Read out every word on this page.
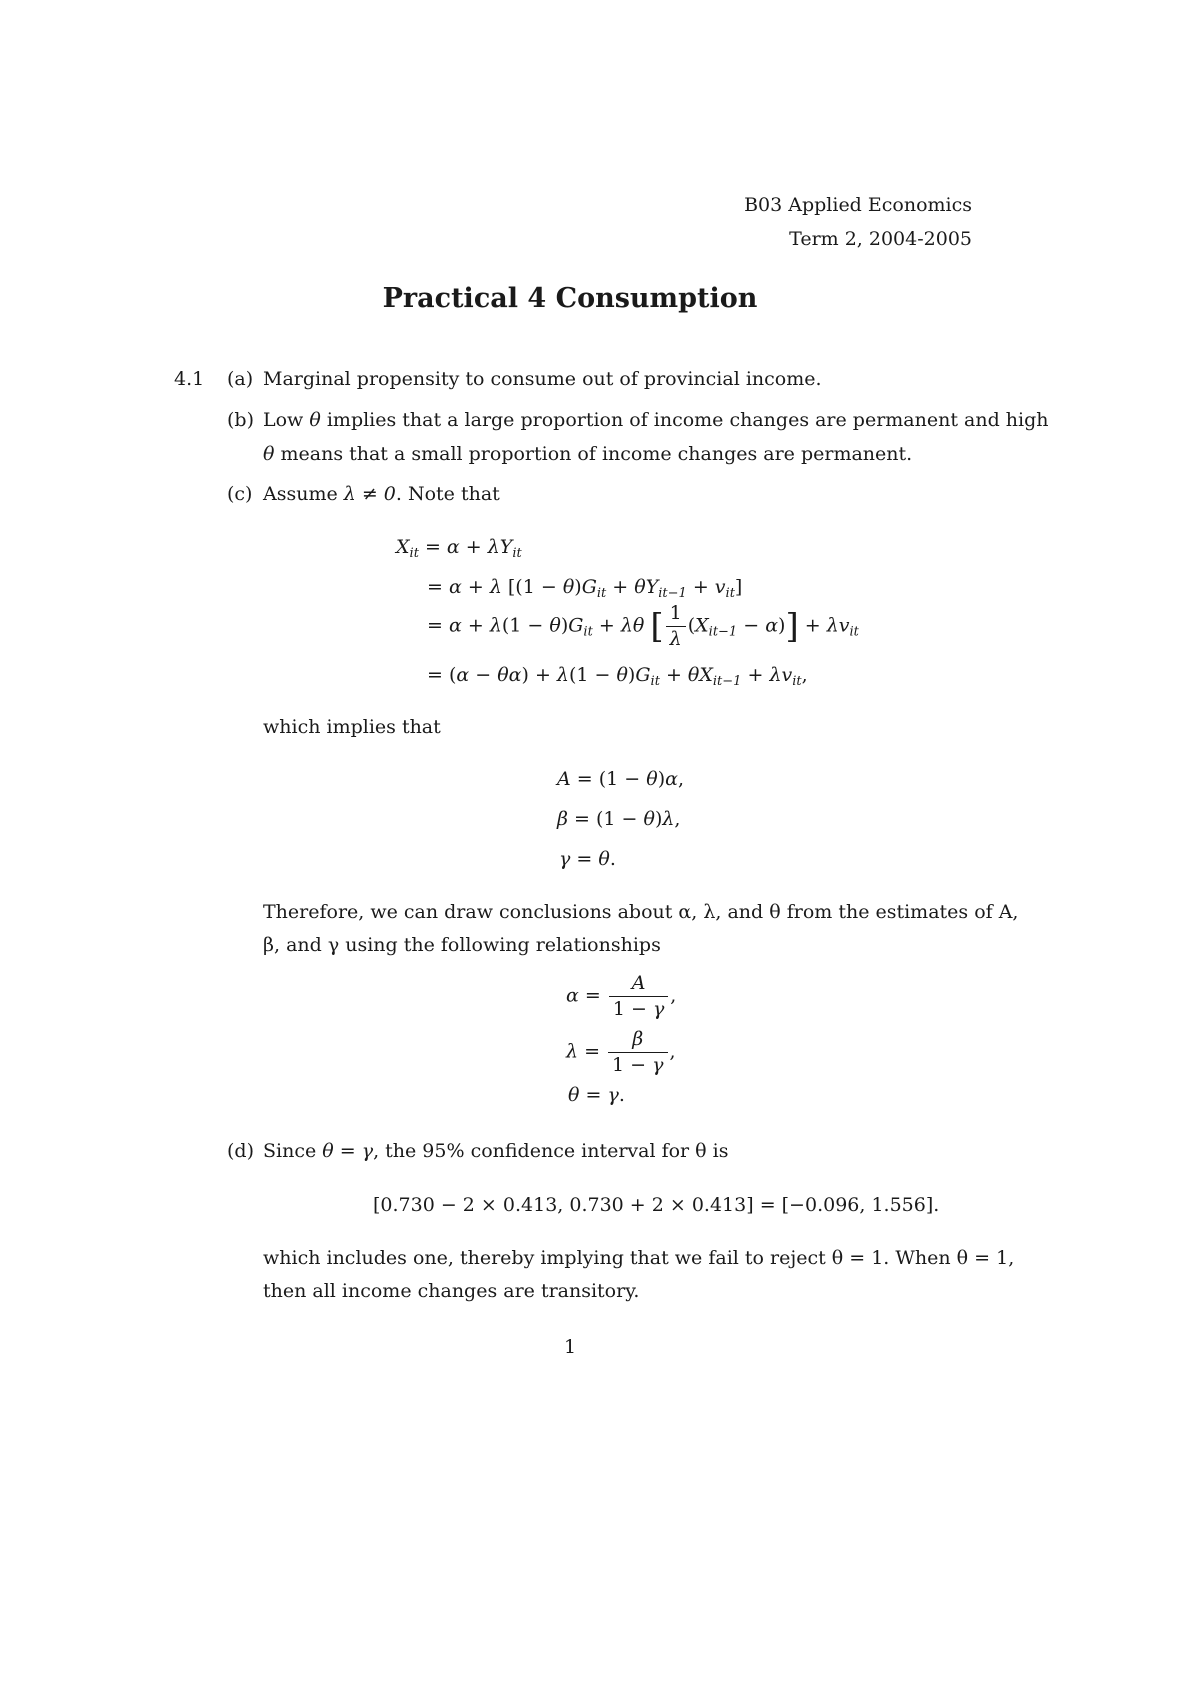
B03 Applied Economics
Term 2, 2004-2005
Practical 4 Consumption
4.1 (a) Marginal propensity to consume out of provincial income.
(b) Low θ implies that a large proportion of income changes are permanent and high
θ means that a small proportion of income changes are permanent.
(c) Assume λ ≠ 0. Note that
$X_{it} = \alpha + \lambda Y_{it}$
= α + λ $[(1 - \theta)G_{it} + \theta Y_{it-1} + v_{it}]$
= $\alpha + \lambda(1 - \theta)G_{it} + \lambda\theta$ [ $\frac{1}{\lambda} (X_{it-1} - \alpha)] + \lambda v_{it}$
= $(\alpha - \theta\alpha) + \lambda(1 - \theta)G_{it} + \theta X_{it-1} + \lambda v_{it}$,
which implies that
A = (1 − θ)α,
β = (1 − θ)λ,
γ = θ.
Therefore, we can draw conclusions about α, λ, and θ from the estimates of A,
β, and γ using the following relationships
$\alpha = \frac{A}{1 - \gamma}$ ,
$\lambda = \frac{\beta}{1 - \gamma}$ ,
θ = γ.
(d) Since θ = γ, the 95% confidence interval for θ is
[0.730 − 2 × 0.413, 0.730 + 2 × 0.413] = [−0.096, 1.556].
which includes one, thereby implying that we fail to reject θ = 1. When θ = 1,
then all income changes are transitory.
1
